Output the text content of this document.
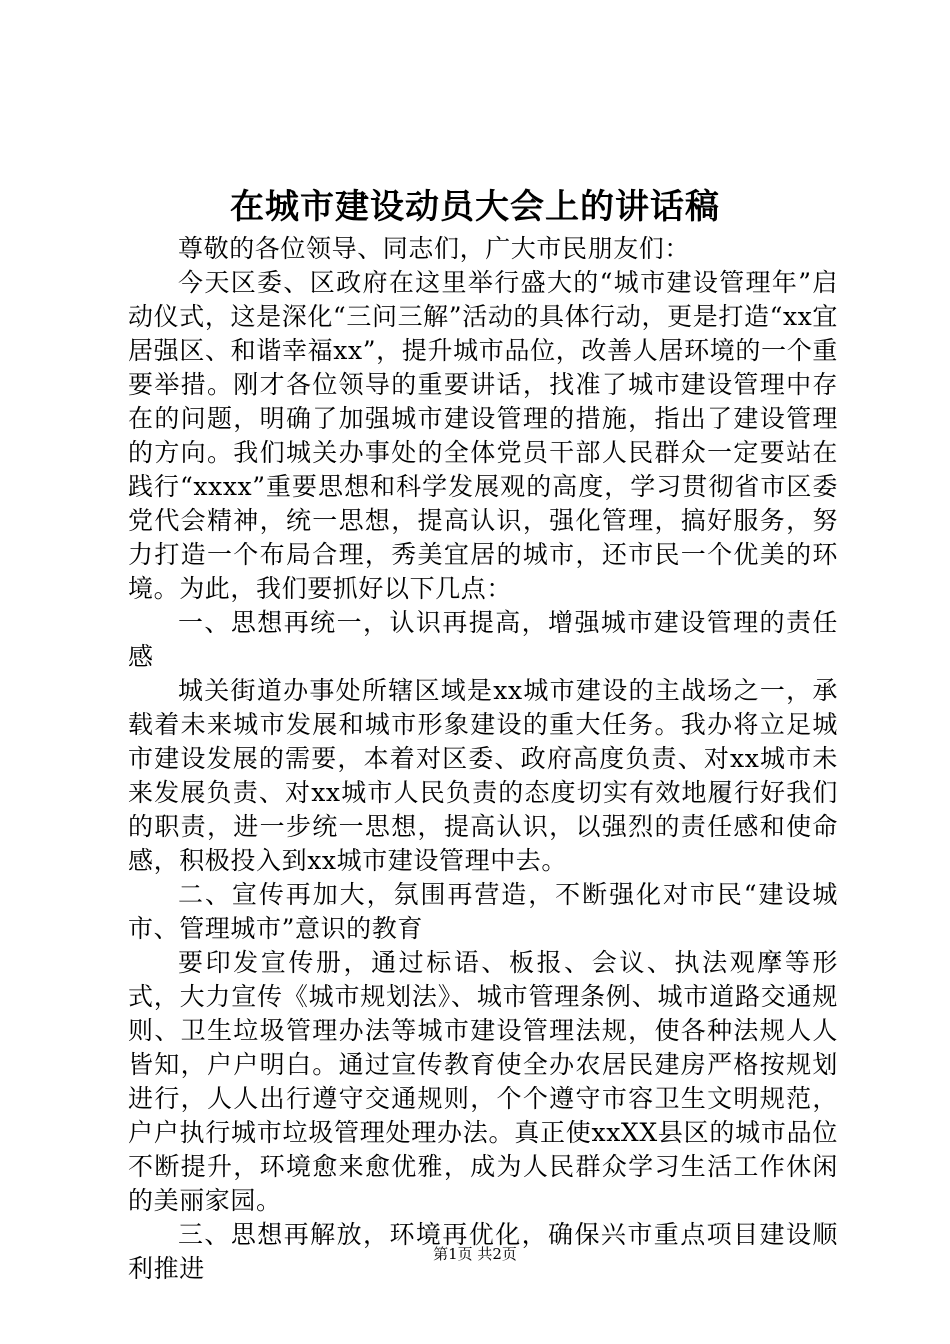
在城市建设动员大会上的讲话稿

尊敬的各位领导、同志们，广大市民朋友们：

今天区委、区政府在这里举行盛大的“城市建设管理年”启动仪式，这是深化“三问三解”活动的具体行动，更是打造“xx宜居强区、和谐幸福xx”，提升城市品位，改善人居环境的一个重要举措。刚才各位领导的重要讲话，找准了城市建设管理中存在的问题，明确了加强城市建设管理的措施，指出了建设管理的方向。我们城关办事处的全体党员干部人民群众一定要站在践行“xxxx”重要思想和科学发展观的高度，学习贯彻省市区委党代会精神，统一思想，提高认识，强化管理，搞好服务，努力打造一个布局合理，秀美宜居的城市，还市民一个优美的环境。为此，我们要抓好以下几点：

一、思想再统一，认识再提高，增强城市建设管理的责任感

城关街道办事处所辖区域是xx城市建设的主战场之一，承载着未来城市发展和城市形象建设的重大任务。我办将立足城市建设发展的需要，本着对区委、政府高度负责、对xx城市未来发展负责、对xx城市人民负责的态度切实有效地履行好我们的职责，进一步统一思想，提高认识，以强烈的责任感和使命感，积极投入到xx城市建设管理中去。

二、宣传再加大，氛围再营造，不断强化对市民“建设城市、管理城市”意识的教育

要印发宣传册，通过标语、板报、会议、执法观摩等形式，大力宣传《城市规划法》、城市管理条例、城市道路交通规则、卫生垃圾管理办法等城市建设管理法规，使各种法规人人皆知，户户明白。通过宣传教育使全办农居民建房严格按规划进行，人人出行遵守交通规则，个个遵守市容卫生文明规范，户户执行城市垃圾管理处理办法。真正使xxXX县区的城市品位不断提升，环境愈来愈优雅，成为人民群众学习生活工作休闲的美丽家园。

三、思想再解放，环境再优化，确保兴市重点项目建设顺利推进	第1页 共2页
